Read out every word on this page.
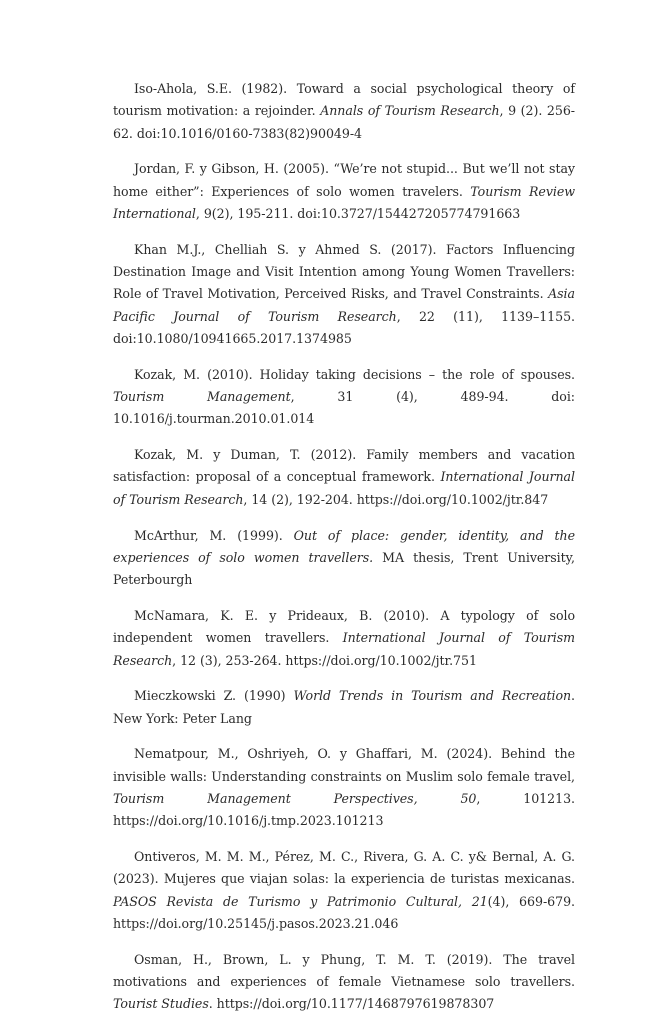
Iso-Ahola, S.E. (1982). Toward a social psychological theory of tourism motivation: a rejoinder. Annals of Tourism Research, 9 (2). 256-62. doi:10.1016/0160-7383(82)90049-4

Jordan, F. y Gibson, H. (2005). “We’re not stupid... But we’ll not stay home either”: Experiences of solo women travelers. Tourism Review International, 9(2), 195-211. doi:10.3727/154427205774791663

Khan M.J., Chelliah S. y Ahmed S. (2017). Factors Influencing Destination Image and Visit Intention among Young Women Travellers: Role of Travel Motivation, Perceived Risks, and Travel Constraints. Asia Pacific Journal of Tourism Research, 22 (11), 1139–1155. doi:10.1080/10941665.2017.1374985

Kozak, M. (2010). Holiday taking decisions – the role of spouses. Tourism Management, 31 (4), 489-94. doi: 10.1016/j.tourman.2010.01.014

Kozak, M. y Duman, T. (2012). Family members and vacation satisfaction: proposal of a conceptual framework. International Journal of Tourism Research, 14 (2), 192-204. https://doi.org/10.1002/jtr.847

McArthur, M. (1999). Out of place: gender, identity, and the experiences of solo women travellers. MA thesis, Trent University, Peterbourgh

McNamara, K. E. y Prideaux, B. (2010). A typology of solo independent women travellers. International Journal of Tourism Research, 12 (3), 253-264. https://doi.org/10.1002/jtr.751

Mieczkowski Z. (1990) World Trends in Tourism and Recreation. New York: Peter Lang

Nematpour, M., Oshriyeh, O. y Ghaffari, M. (2024). Behind the invisible walls: Understanding constraints on Muslim solo female travel, Tourism Management Perspectives, 50, 101213. https://doi.org/10.1016/j.tmp.2023.101213

Ontiveros, M. M. M., Pérez, M. C., Rivera, G. A. C. y& Bernal, A. G. (2023). Mujeres que viajan solas: la experiencia de turistas mexicanas. PASOS Revista de Turismo y Patrimonio Cultural, 21(4), 669-679. https://doi.org/10.25145/j.pasos.2023.21.046

Osman, H., Brown, L. y Phung, T. M. T. (2019). The travel motivations and experiences of female Vietnamese solo travellers. Tourist Studies. https://doi.org/10.1177/1468797619878307
